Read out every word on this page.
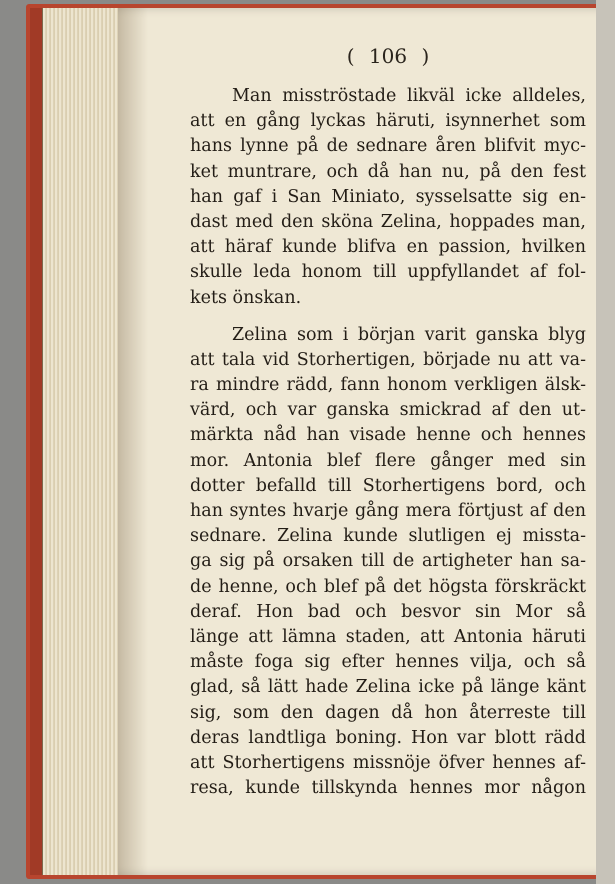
( 106 )
Man misströstade likväl icke alldeles,
att en gång lyckas häruti, isynnerhet som
hans lynne på de sednare åren blifvit myc-
ket muntrare, och då han nu, på den fest
han gaf i San Miniato, sysselsatte sig en-
dast med den sköna Zelina, hoppades man,
att häraf kunde blifva en passion, hvilken
skulle leda honom till uppfyllandet af fol-
kets önskan.
Zelina som i början varit ganska blyg
att tala vid Storhertigen, började nu att va-
ra mindre rädd, fann honom verkligen älsk-
värd, och var ganska smickrad af den ut-
märkta nåd han visade henne och hennes
mor. Antonia blef flere gånger med sin
dotter befalld till Storhertigens bord, och
han syntes hvarje gång mera förtjust af den
sednare. Zelina kunde slutligen ej missta-
ga sig på orsaken till de artigheter han sa-
de henne, och blef på det högsta förskräckt
deraf. Hon bad och besvor sin Mor så
länge att lämna staden, att Antonia häruti
måste foga sig efter hennes vilja, och så
glad, så lätt hade Zelina icke på länge känt
sig, som den dagen då hon återreste till
deras landtliga boning. Hon var blott rädd
att Storhertigens missnöje öfver hennes af-
resa, kunde tillskynda hennes mor någon
